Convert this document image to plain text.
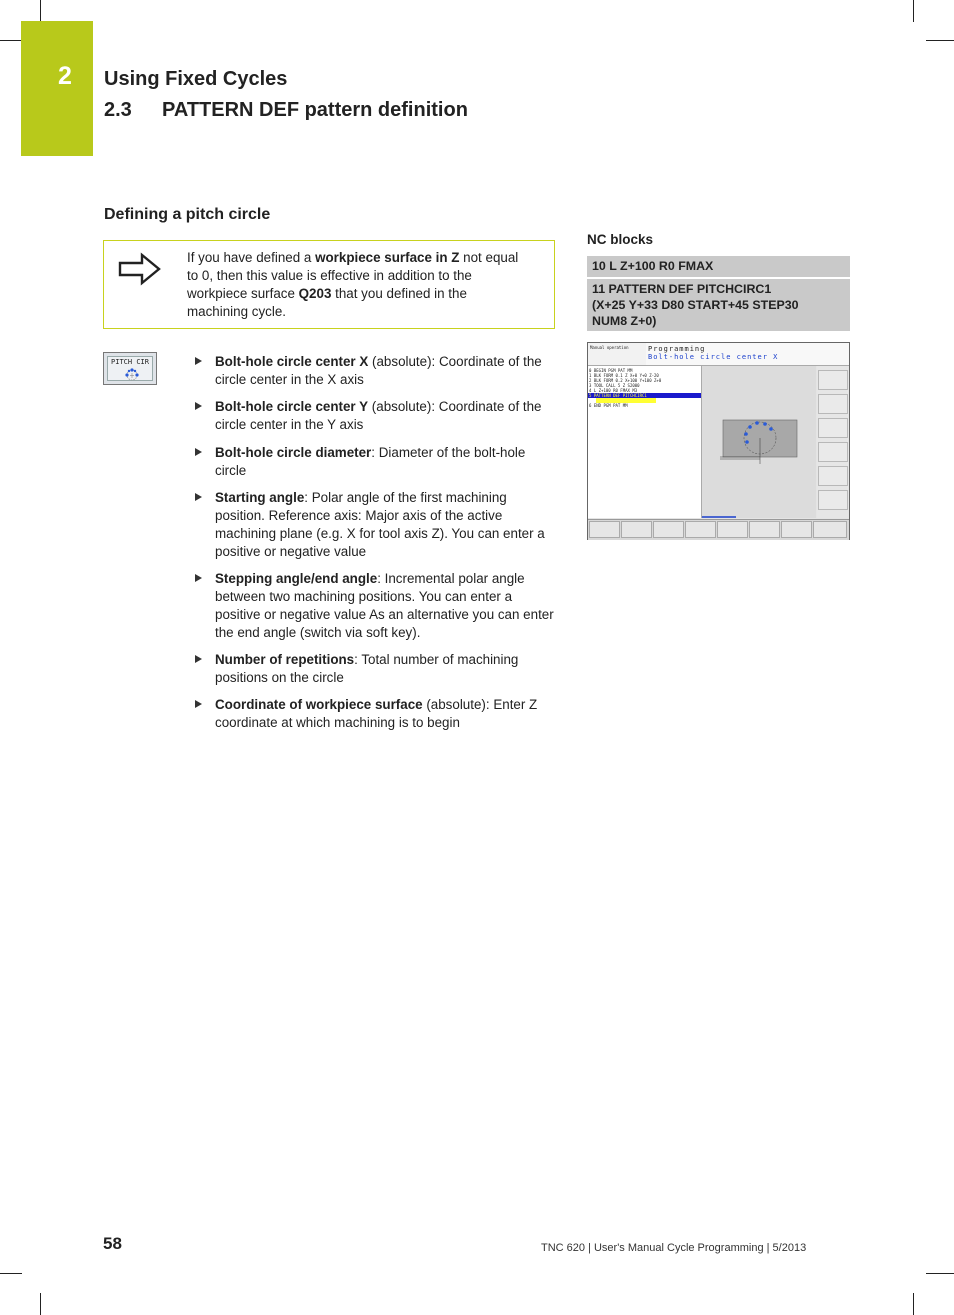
2 Using Fixed Cycles
2.3 PATTERN DEF pattern definition
Defining a pitch circle
If you have defined a workpiece surface in Z not equal to 0, then this value is effective in addition to the workpiece surface Q203 that you defined in the machining cycle.
PITCH CIR	Bolt-hole circle center X (absolute): Coordinate of the circle center in the X axis
Bolt-hole circle center Y (absolute): Coordinate of the circle center in the Y axis
Bolt-hole circle diameter: Diameter of the bolt-hole circle
Starting angle: Polar angle of the first machining position. Reference axis: Major axis of the active machining plane (e.g. X for tool axis Z). You can enter a positive or negative value
Stepping angle/end angle: Incremental polar angle between two machining positions. You can enter a positive or negative value As an alternative you can enter the end angle (switch via soft key).
Number of repetitions: Total number of machining positions on the circle
Coordinate of workpiece surface (absolute): Enter Z coordinate at which machining is to begin
NC blocks
10 L Z+100 R0 FMAX
11 PATTERN DEF PITCHCIRC1
(X+25 Y+33 D80 START+45 STEP30
NUM8 Z+0)
Manual operation	Programming
Bolt-hole circle center X
0 BEGIN PGM PAT MM
1 BLK FORM 0.1 Z X+0 Y+0 Z-20
2 BLK FORM 0.2 X+100 Y+100 Z+0
3 TOOL CALL 5 Z S2000
4 L Z+100 R0 FMAX M3
5 PATTERN DEF PITCHCIRC1
6 END PGM PAT MM
58	TNC 620 | User's Manual Cycle Programming | 5/2013
